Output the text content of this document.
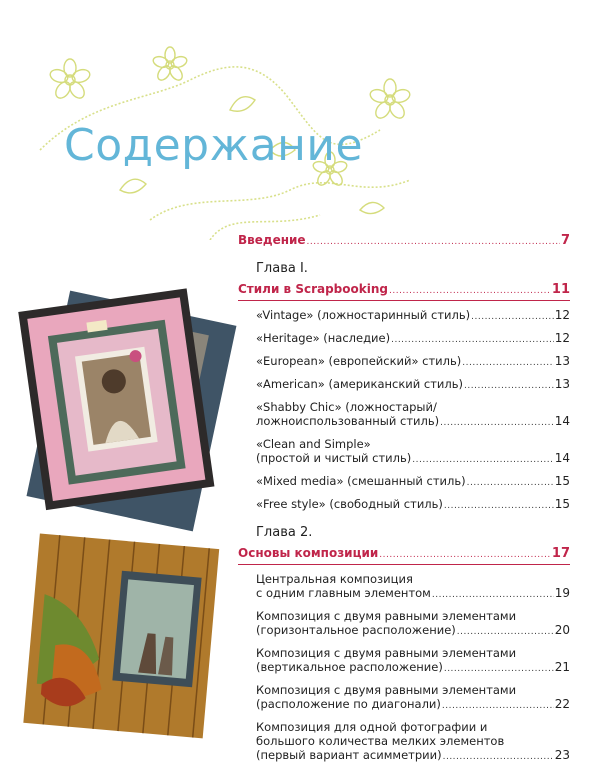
Содержание
Введение .....	7
Глава I.
Стили в Scrapbooking .....	11
«Vintage» (ложностаринный стиль) .....	12
«Heritage» (наследие) .....	12
«European» (европейский» стиль) .....	13
«American» (американский стиль) .....	13
«Shabby Chic» (ложностарый/
ложноиспользованный стиль) .....	14
«Clean and Simple»
(простой и чистый стиль) .....	14
«Mixed media» (смешанный стиль) .....	15
«Free style» (свободный стиль) .....	15
Глава 2.
Основы композиции .....	17
Центральная композиция
с одним главным элементом .....	19
Композиция с двумя равными элементами
(горизонтальное расположение) .....	20
Композиция с двумя равными элементами
(вертикальное расположение) .....	21
Композиция с двумя равными элементами
(расположение по диагонали) .....	22
Композиция для одной фотографии и
большого количества мелких элементов
(первый вариант асимметрии) .....	23
